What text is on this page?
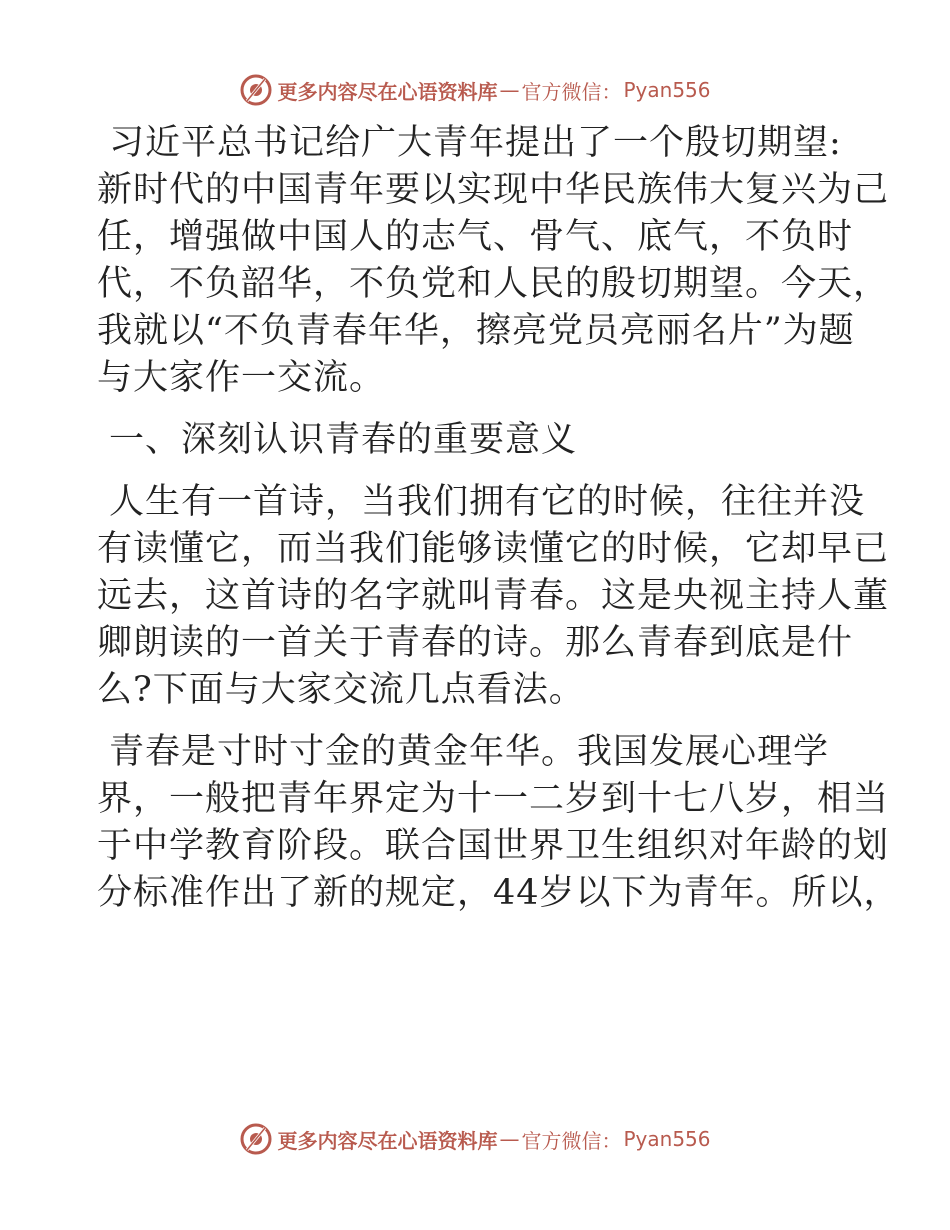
更多内容尽在心语资料库 — 官方微信： Pyan556

习近平总书记给广大青年提出了一个殷切期望:
新时代的中国青年要以实现中华民族伟大复兴为己
任，增强做中国人的志气、骨气、底气，不负时
代，不负韶华，不负党和人民的殷切期望。今天，
我就以“不负青春年华，擦亮党员亮丽名片”为题
与大家作一交流。

一、深刻认识青春的重要意义

人生有一首诗，当我们拥有它的时候，往往并没
有读懂它，而当我们能够读懂它的时候，它却早已
远去，这首诗的名字就叫青春。这是央视主持人董
卿朗读的一首关于青春的诗。那么青春到底是什
么?下面与大家交流几点看法。

青春是寸时寸金的黄金年华。我国发展心理学
界，一般把青年界定为十一二岁到十七八岁，相当
于中学教育阶段。联合国世界卫生组织对年龄的划
分标准作出了新的规定，44岁以下为青年。所以，

更多内容尽在心语资料库 — 官方微信： Pyan556
